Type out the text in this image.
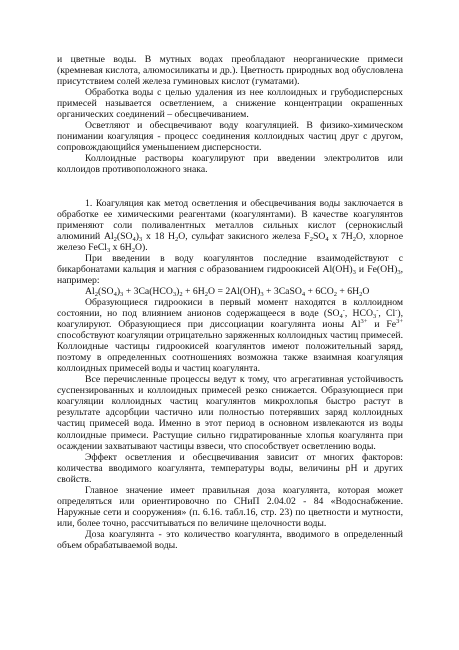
и цветные воды. В мутных водах преобладают неорганические примеси (кремневая кислота, алюмосиликаты и др.). Цветность природных вод обусловлена присутствием солей железа гуминовых кислот (гуматами).

Обработка воды с целью удаления из нее коллоидных и грубодисперсных примесей называется осветлением, а снижение концентрации окрашенных органических соединений – обесцвечиванием.

Осветляют и обесцвечивают воду коагуляцией. В физико-химическом понимании коагуляция - процесс соединения коллоидных частиц друг с другом, сопровождающийся уменьшением дисперсности.

Коллоидные растворы коагулируют при введении электролитов или коллоидов противоположного знака.

1. Коагуляция как метод осветления и обесцвечивания воды заключается в обработке ее химическими реагентами (коагулянтами). В качестве коагулянтов применяют соли поливалентных металлов сильных кислот (сернокислый алюминий $Al_2(SO_4)_3$ x 18 $H_2O$, сульфат закисного железа $F_2SO_4$ x $7H_2O$, хлорное железо FeCl$_3$ x $6H_2O$).

При введении в воду коагулянтов последние взаимодействуют с бикарбонатами кальция и магния с образованием гидроокисей $Al(OH)_3$ и $Fe(OH)_3$, например:

$Al_2(SO_4)_3 + 3Ca(HCO_3)_2 + 6H_2O = 2Al(OH)_3$ + 3CaSO$_4$ + $6CO_2 + 6H_2O$

Образующиеся гидроокиси в первый момент находятся в коллоидном состоянии, но под влиянием анионов содержащееся в воде ($SO_4^-$, $HCO_3^-$, Cl-), коагулируют. Образующиеся при диссоциации коагулянта ионы $Al^{3+}$ и $Fe^{3+}$ способствуют коагуляции отрицательно заряженных коллоидных частиц примесей. Коллоидные частицы гидроокисей коагулянтов имеют положительный заряд, поэтому в определенных соотношениях возможна также взаимная коагуляция коллоидных примесей воды и частиц коагулянта.

Все перечисленные процессы ведут к тому, что агрегативная устойчивость суспензированных и коллоидных примесей резко снижается. Образующиеся при коагуляции коллоидных частиц коагулянтов микрохлопья быстро растут в результате адсорбции частично или полностью потерявших заряд коллоидных частиц примесей вода. Именно в этот период в основном извлекаются из воды коллоидные примеси. Растущие сильно гидратированные хлопья коагулянта при осаждении захватывают частицы взвеси, что способствует осветлению воды.

Эффект осветления и обесцвечивания зависит от многих факторов: количества вводимого коагулянта, температуры воды, величины pH и других свойств.

Главное значение имеет правильная доза коагулянта, которая может определяться или ориентировочно по СНиП 2.04.02 - 84 «Водоснабжение. Наружные сети и сооружения» (п. 6.16. табл.16, стр. 23) по цветности и мутности, или, более точно, рассчитываться по величине щелочности воды.

Доза коагулянта - это количество коагулянта, вводимого в определенный объем обрабатываемой воды.
